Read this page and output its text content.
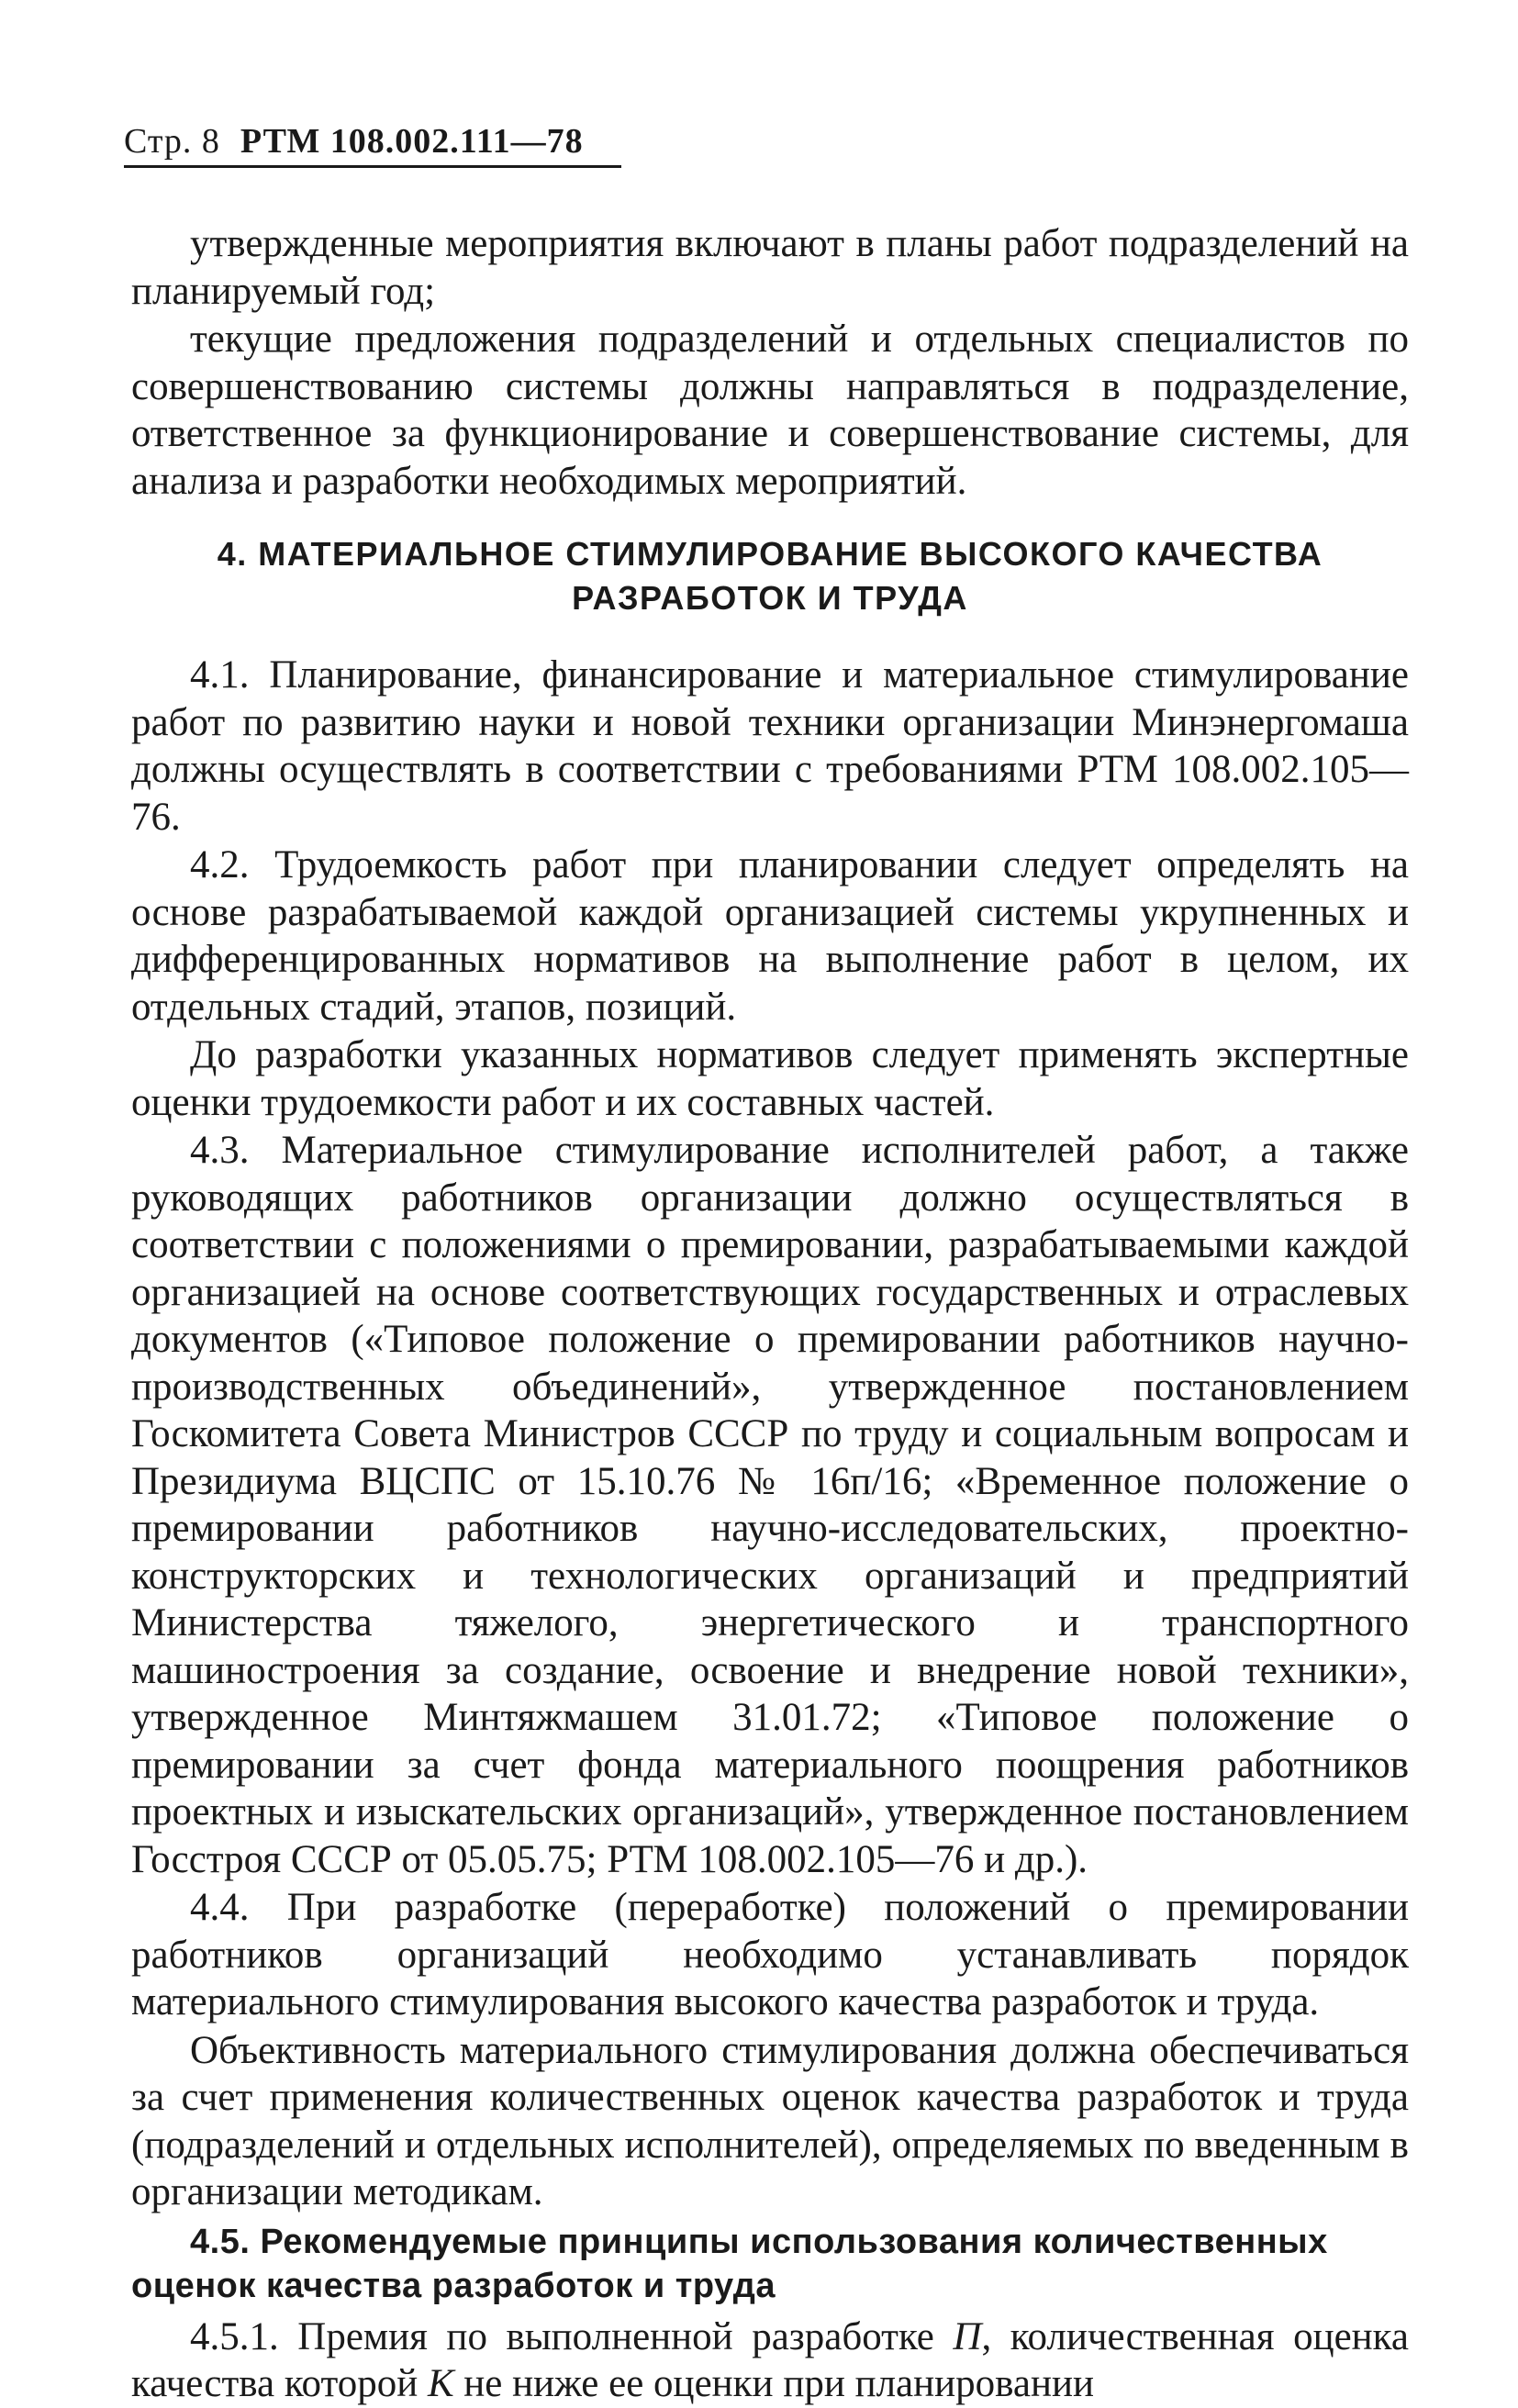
Стр. 8 РТМ 108.002.111—78

утвержденные мероприятия включают в планы работ подразделений на планируемый год;

текущие предложения подразделений и отдельных специалистов по совершенствованию системы должны направляться в подразделение, ответственное за функционирование и совершенствование системы, для анализа и разработки необходимых мероприятий.

4. МАТЕРИАЛЬНОЕ СТИМУЛИРОВАНИЕ ВЫСОКОГО КАЧЕСТВА
РАЗРАБОТОК И ТРУДА

4.1. Планирование, финансирование и материальное стимулирование работ по развитию науки и новой техники организации Минэнергомаша должны осуществлять в соответствии с требованиями РТМ 108.002.105—76.

4.2. Трудоемкость работ при планировании следует определять на основе разрабатываемой каждой организацией системы укрупненных и дифференцированных нормативов на выполнение работ в целом, их отдельных стадий, этапов, позиций.

До разработки указанных нормативов следует применять экспертные оценки трудоемкости работ и их составных частей.

4.3. Материальное стимулирование исполнителей работ, а также руководящих работников организации должно осуществляться в соответствии с положениями о премировании, разрабатываемыми каждой организацией на основе соответствующих государственных и отраслевых документов («Типовое положение о премировании работников научно-производственных объединений», утвержденное постановлением Госкомитета Совета Министров СССР по труду и социальным вопросам и Президиума ВЦСПС от 15.10.76 № 16п/16; «Временное положение о премировании работников научно-исследовательских, проектно-конструкторских и технологических организаций и предприятий Министерства тяжелого, энергетического и транспортного машиностроения за создание, освоение и внедрение новой техники», утвержденное Минтяжмашем 31.01.72; «Типовое положение о премировании за счет фонда материального поощрения работников проектных и изыскательских организаций», утвержденное постановлением Госстроя СССР от 05.05.75; РТМ 108.002.105—76 и др.).

4.4. При разработке (переработке) положений о премировании работников организаций необходимо устанавливать порядок материального стимулирования высокого качества разработок и труда.

Объективность материального стимулирования должна обеспечиваться за счет применения количественных оценок качества разработок и труда (подразделений и отдельных исполнителей), определяемых по введенным в организации методикам.

4.5. Рекомендуемые принципы использования количественных оценок качества разработок и труда

4.5.1. Премия по выполненной разработке П, количественная оценка качества которой К не ниже ее оценки при планировании
